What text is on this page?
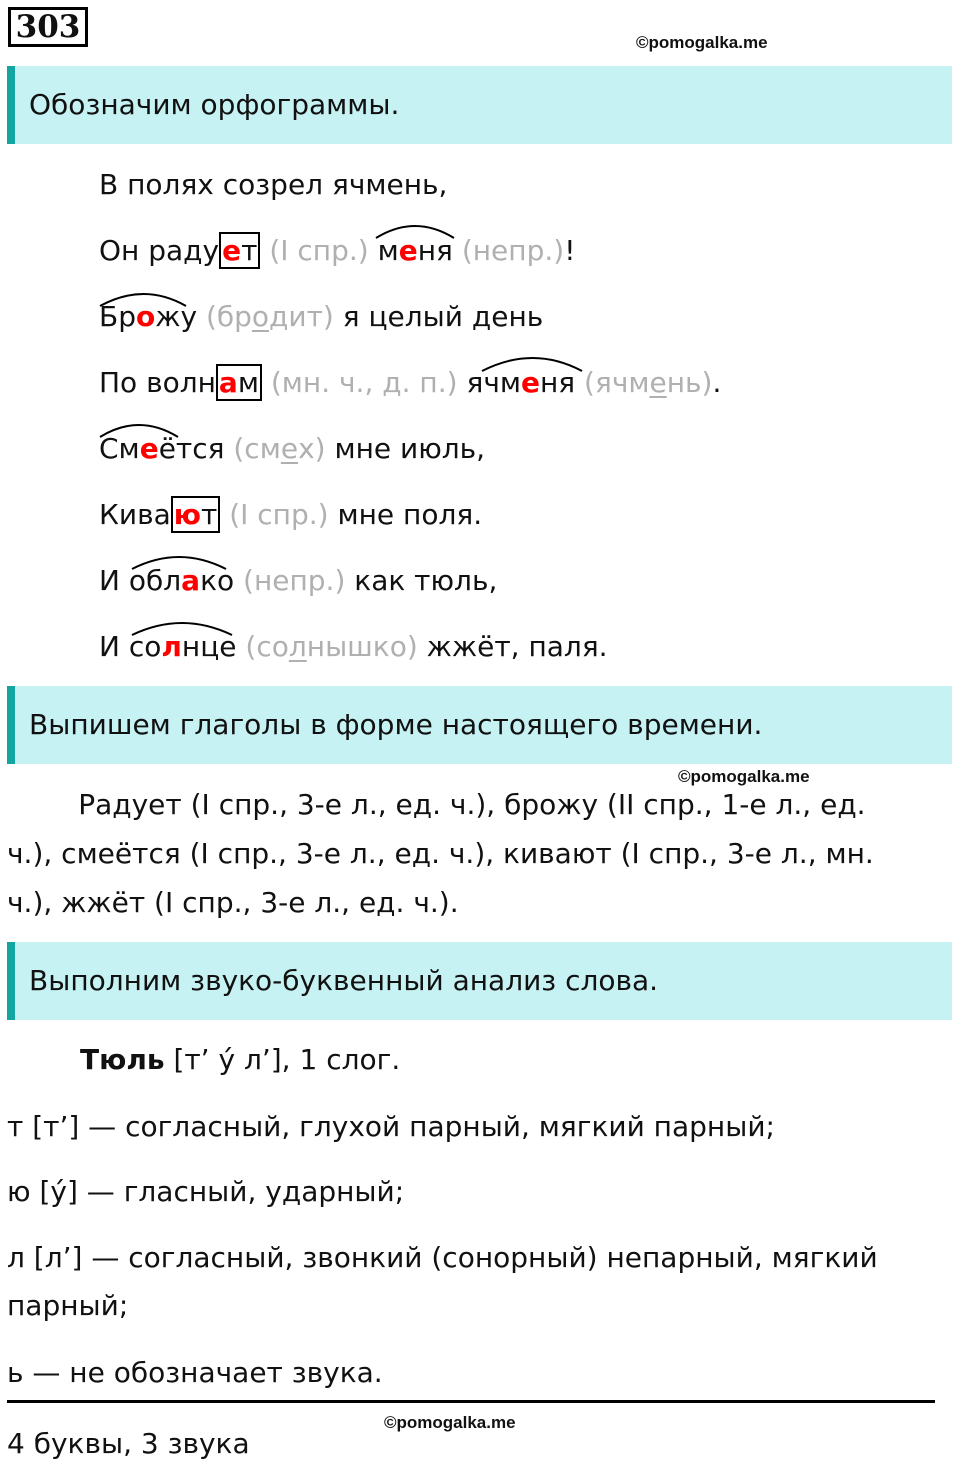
303	©pomogalka.me
Обозначим орфограммы.
В полях созрел ячмень,
Он раду ет (I спр.) меня (непр.)!
Брожу (бродит) я целый день
По волн ам (мн. ч., д. п.) ячменя (ячмень).
Смеётся (смех) мне июль,
Кива ют (I спр.) мне поля.
И облако (непр.) как тюль,
И солнце (солнышко) жжёт, паля.
Выпишем глаголы в форме настоящего времени.
©pomogalka.me
Радует (I спр., 3-е л., ед. ч.), брожу (II спр., 1-е л., ед.
ч.), смеётся (I спр., 3-е л., ед. ч.), кивают (I спр., 3-е л., мн.
ч.), жжёт (I спр., 3-е л., ед. ч.).
Выполним звуко-буквенный анализ слова.
Тюль [т’ ý л’], 1 слог.
т [т’] — согласный, глухой парный, мягкий парный;
ю [ý] — гласный, ударный;
л [л’] — согласный, звонкий (сонорный) непарный, мягкий
парный;
ь — не обозначает звука.
©pomogalka.me
4 буквы, 3 звука
